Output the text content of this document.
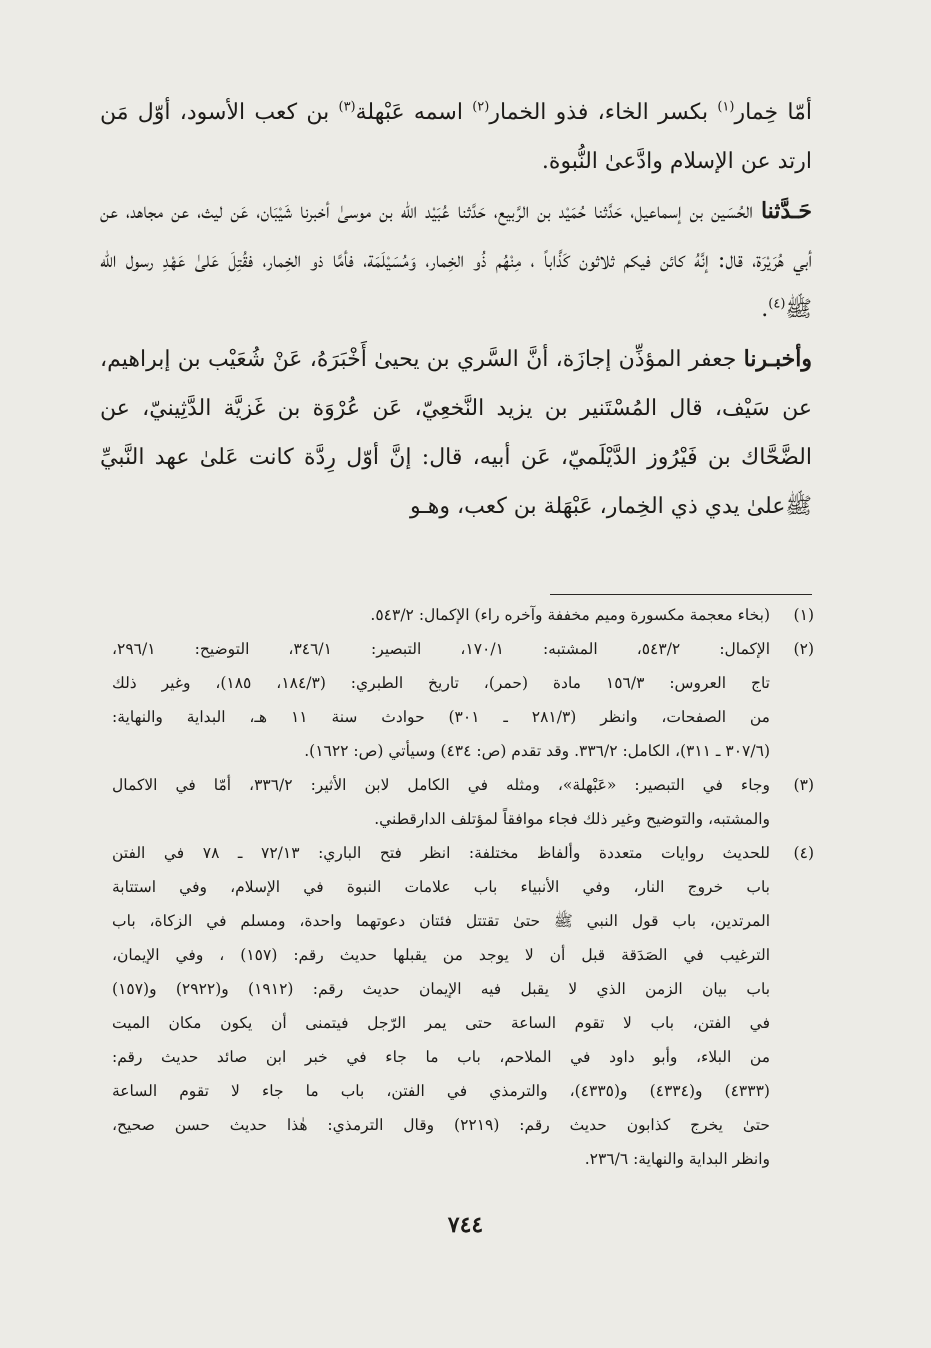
أمّا خِمار$^{(١)}$ بكسر الخاء، فذو الخمار$^{(٢)}$ اسمه عَبْهلة$^{(٣)}$ بن كعب الأسود، أوّل مَن ارتد عن الإسلام وادَّعىٰ النُّبوة.

حَـدَّثنا الحُسَين بن إسماعيل، حَدَّثنا حُمَيْد بن الرَّبيع، حَدَّثنا عُبَيْد الله بن موسىٰ أخبرنا شَيْبَان، عَن ليث، عن مجاهد، عن أبي هُرَيْرَة، قال: إنَّهُ كائن فيكم ثلاثون كَذَّاباً ، مِنْهُم ذُو الخِمار، وَمُسَيْلَمَة، فأمَّا ذو الخِمار، فقُتِلَ عَلىٰ عَهْدِ رسول الله ﷺ$^{(٤)}$.

وأخبـرنا جعفر المؤذِّن إجازَة، أنَّ السَّري بن يحيىٰ أَخْبَرَهُ، عَنْ شُعَيْب بن إبراهيم، عن سَيْف، قال المُسْتَنير بن يزيد النَّخعِيّ، عَن عُرْوَة بن غَزيَّة الدَّثِينيّ، عن الضَّحَّاك بن فَيْرُوز الدَّيْلَميّ، عَن أبيه، قال: إنَّ أوّل رِدَّة كانت عَلىٰ عهد النَّبيِّ ﷺعلىٰ يدي ذي الخِمار، عَبْهَلة بن كعب، وهـو

(١)
(بخاء معجمة مكسورة وميم مخففة وآخره راء) الإكمال: ٥٤٣/٢.
(٢)
الإكمال: ٥٤٣/٢، المشتبه: ١٧٠/١، التبصير: ٣٤٦/١، التوضيح: ٢٩٦/١،
تاج العروس: ١٥٦/٣ مادة (حمر)، تاريخ الطبري: (١٨٤/٣، ١٨٥)، وغير ذلك
من الصفحات، وانظر (٢٨١/٣ ـ ٣٠١) حوادث سنة ١١ هـ، البداية والنهاية:
(٣٠٧/٦ ـ ٣١١)، الكامل: ٣٣٦/٢. وقد تقدم (ص: ٤٣٤) وسيأتي (ص: ١٦٢٢).
(٣)
وجاء في التبصير: «عَبْهلة»، ومثله في الكامل لابن الأثير: ٣٣٦/٢، أمّا في الاكمال
والمشتبه، والتوضيح وغير ذلك فجاء موافقاً لمؤتلف الدارقطني.
(٤)
للحديث روايات متعددة وألفاظ مختلفة: انظر فتح الباري: ٧٢/١٣ ـ ٧٨ في الفتن
باب خروج النار، وفي الأنبياء باب علامات النبوة في الإسلام، وفي استتابة
المرتدين، باب قول النبي ﷺ حتىٰ تقتتل فئتان دعوتهما واحدة، ومسلم في الزكاة، باب
الترغيب في الصَدَقة قبل أن لا يوجد من يقبلها حديث رقم: (١٥٧) ، وفي الإيمان،
باب بيان الزمن الذي لا يقبل فيه الإيمان حديث رقم: (١٩١٢) و(٢٩٢٢) و(١٥٧)
في الفتن، باب لا تقوم الساعة حتى يمر الرّجل فيتمنى أن يكون مكان الميت
من البلاء، وأبو داود في الملاحم، باب ما جاء في خبر ابن صائد حديث رقم:
(٤٣٣٣) و(٤٣٣٤) و(٤٣٣٥)، والترمذي في الفتن، باب ما جاء لا تقوم الساعة
حتىٰ يخرج كذابون حديث رقم: (٢٢١٩) وقال الترمذي: هٰذا حديث حسن صحيح،
وانظر البداية والنهاية: ٢٣٦/٦.
٧٤٤
